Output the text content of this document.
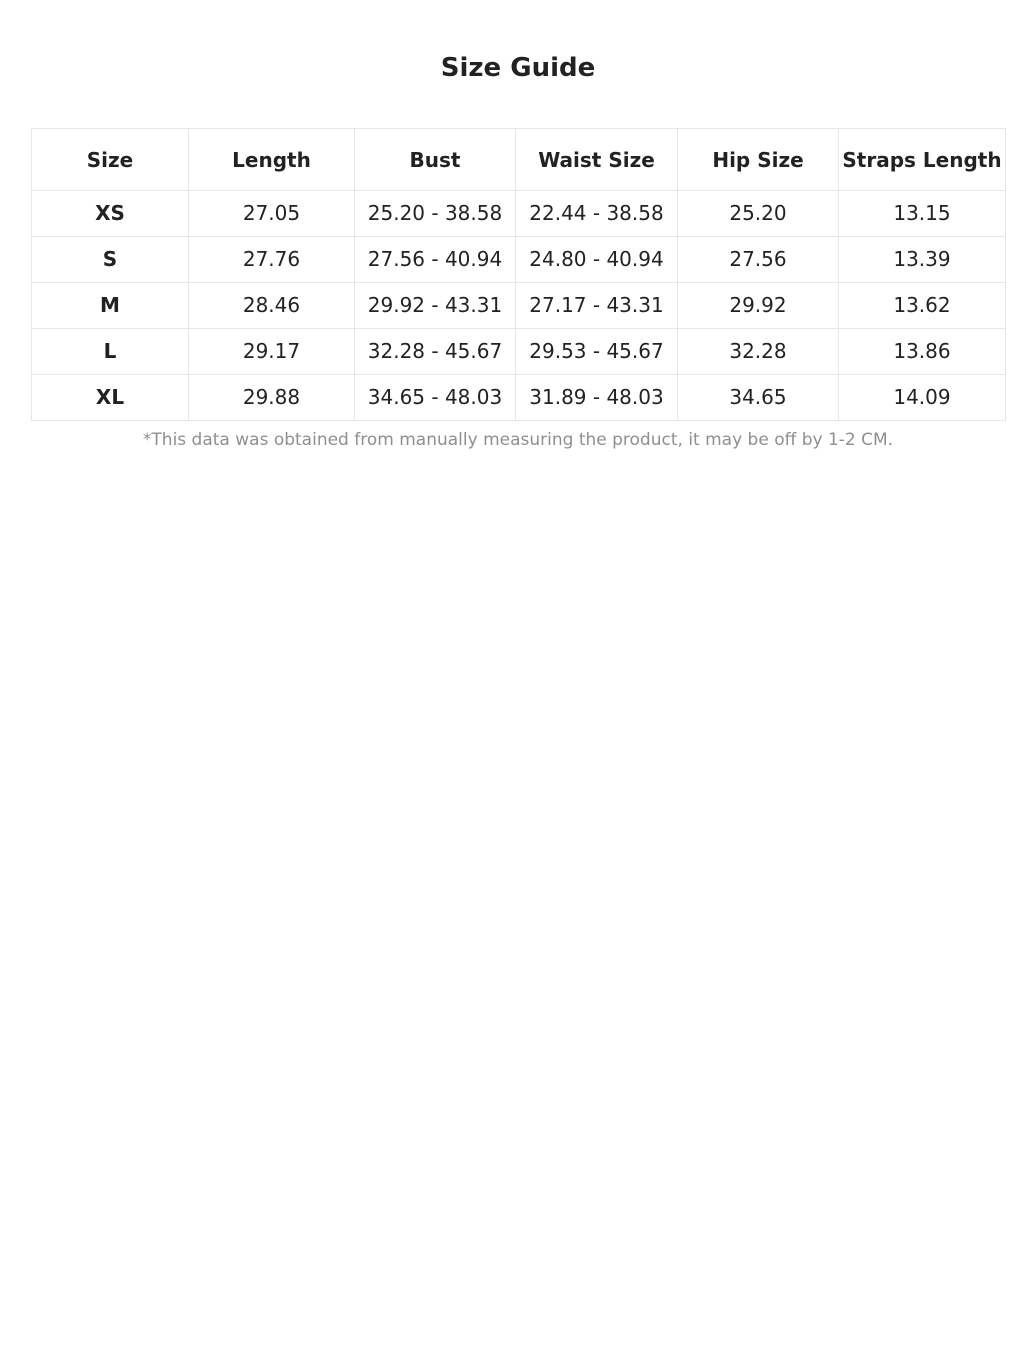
Size Guide
Size	Length	Bust	Waist Size	Hip Size	Straps Length
XS	27.05	25.20 - 38.58	22.44 - 38.58	25.20	13.15
S	27.76	27.56 - 40.94	24.80 - 40.94	27.56	13.39
M	28.46	29.92 - 43.31	27.17 - 43.31	29.92	13.62
L	29.17	32.28 - 45.67	29.53 - 45.67	32.28	13.86
XL	29.88	34.65 - 48.03	31.89 - 48.03	34.65	14.09
*This data was obtained from manually measuring the product, it may be off by 1-2 CM.
